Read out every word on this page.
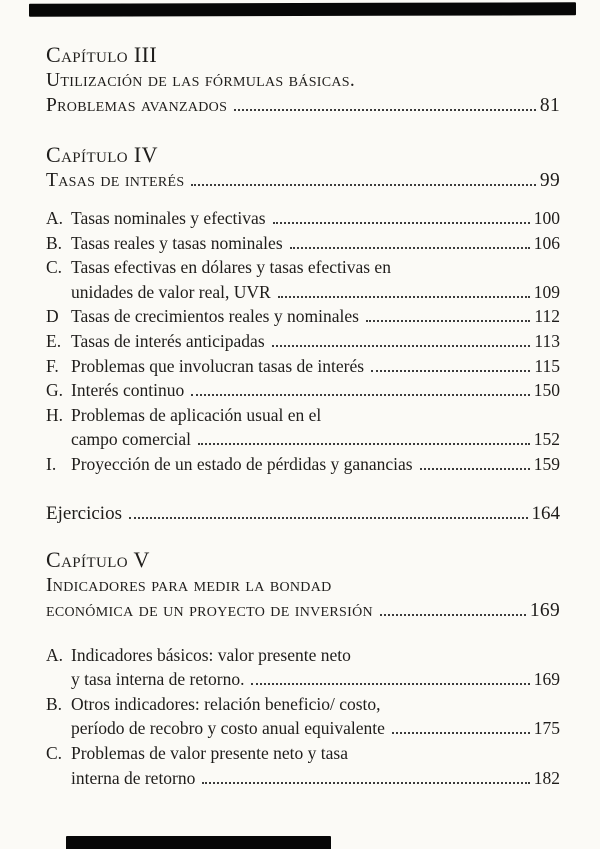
Capítulo III
Utilización de las fórmulas básicas.
Problemas avanzados	81
Capítulo IV
Tasas de interés	99
A. Tasas nominales y efectivas	100
B. Tasas reales y tasas nominales	106
C. Tasas efectivas en dólares y tasas efectivas en
unidades de valor real, UVR	109
D Tasas de crecimientos reales y nominales	112
E. Tasas de interés anticipadas	113
F. Problemas que involucran tasas de interés	115
G. Interés continuo	150
H. Problemas de aplicación usual en el
campo comercial	152
I. Proyección de un estado de pérdidas y ganancias	159
Ejercicios	164
Capítulo V
Indicadores para medir la bondad
económica de un proyecto de inversión	169
A. Indicadores básicos: valor presente neto
y tasa interna de retorno.	169
B. Otros indicadores: relación beneficio/ costo,
período de recobro y costo anual equivalente	175
C. Problemas de valor presente neto y tasa
interna de retorno	182
